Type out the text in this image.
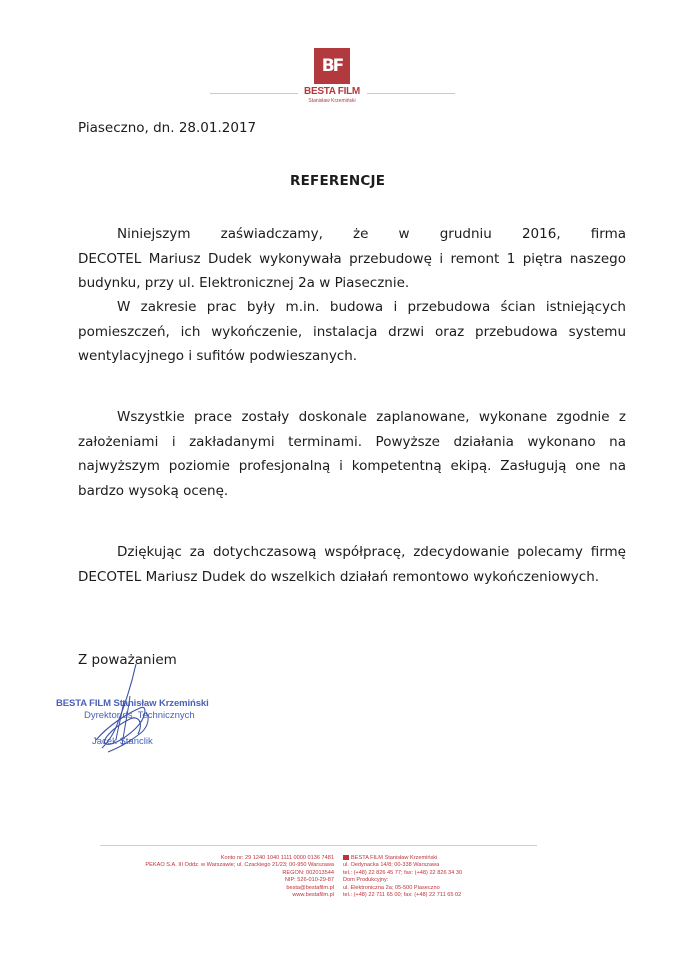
BF
BESTA FILM
Stanisław Krzemiński
Piaseczno, dn. 28.01.2017
REFERENCJE

Niniejszym zaświadczamy, że w grudniu 2016, firma

DECOTEL Mariusz Dudek wykonywała przebudowę i remont 1 piętra naszego budynku, przy ul. Elektronicznej 2a w Piasecznie.

W zakresie prac były m.in. budowa i przebudowa ścian istniejących pomieszczeń, ich wykończenie, instalacja drzwi oraz przebudowa systemu wentylacyjnego i sufitów podwieszanych.

Wszystkie prace zostały doskonale zaplanowane, wykonane zgodnie z założeniami i zakładanymi terminami. Powyższe działania wykonano na najwyższym poziomie profesjonalną i kompetentną ekipą. Zasługują one na bardzo wysoką ocenę.

Dziękując za dotychczasową współpracę, zdecydowanie polecamy firmę DECOTEL Mariusz Dudek do wszelkich działań remontowo wykończeniowych.

Z poważaniem
BESTA FILM Stanisław Krzemiński
Dyrektor ds. Technicznych
Jacek Stanclik
Konto nr: 29 1240 1040 1111 0000 0136 7481
PEKAO S.A. III Oddz. w Warszawie; ul. Czackiego 21/23; 00-950 Warszawa
REGON: 002013544
NIP: 526-010-29-87
besta@bestafilm.pl
www.bestafilm.pl
BESTA FILM Stanisław Krzemiński
ul. Oedynacka 14/8; 00-338 Warszawa
tel.: (+48) 22 826 45 77; fax: (+48) 22 826 34 30
Dom Produkcyjny:
ul. Elektroniczna 2a; 05-500 Piaseczno
tel.: (+48) 22 711 65 00; fax: (+48) 22 711 65 02
